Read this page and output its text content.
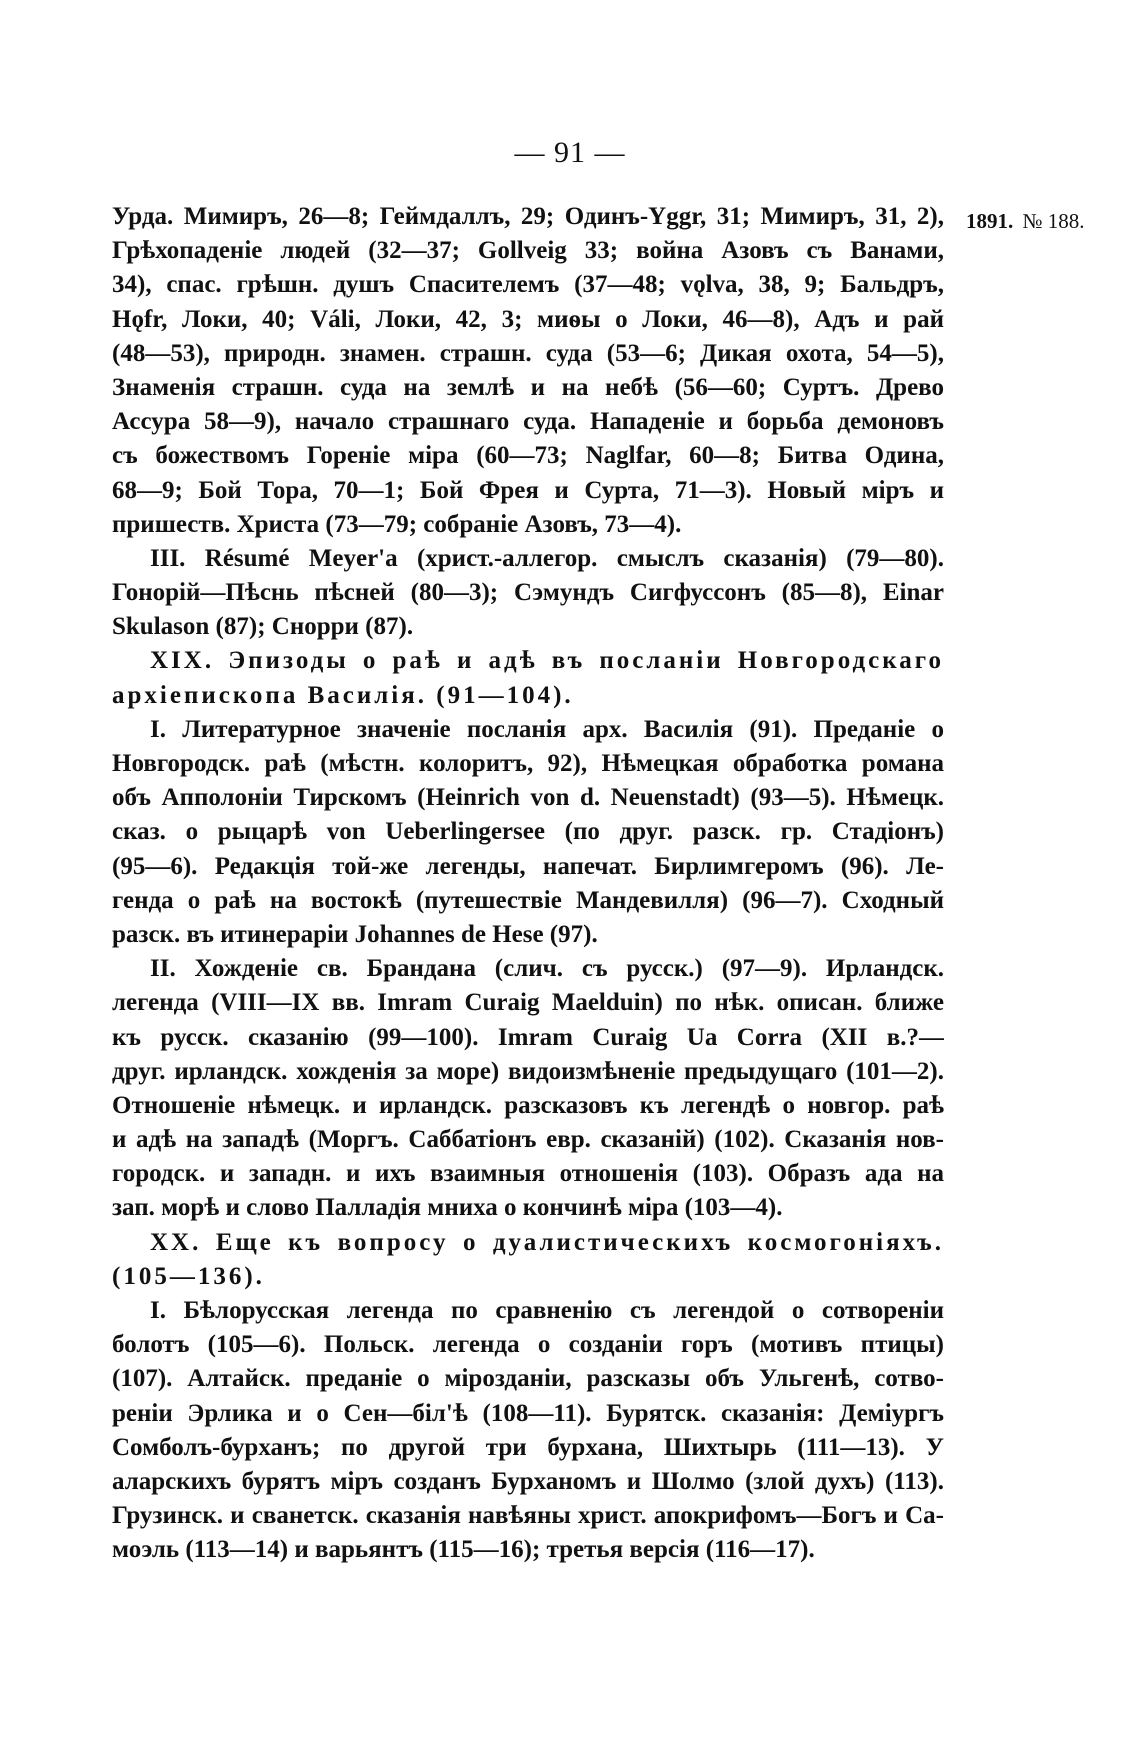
— 91 —
1891. № 188.
Урда. Мимиръ, 26—8; Геймдаллъ, 29; Одинъ-Yggr, 31; Мимиръ, 31, 2),
Грѣхопаденіе людей (32—37; Gollveig 33; война Азовъ съ Ванами,
34), спас. грѣшн. душъ Спасителемъ (37—48; vǫlva, 38, 9; Бальдръ,
Hǫfr, Локи, 40; Váli, Локи, 42, 3; миѳы о Локи, 46—8), Адъ и рай
(48—53), природн. знамен. страшн. суда (53—6; Дикая охота, 54—5),
Знаменія страшн. суда на землѣ и на небѣ (56—60; Суртъ. Древо
Ассура 58—9), начало страшнаго суда. Нападеніе и борьба демоновъ
съ божествомъ Гореніе міра (60—73; Naglfar, 60—8; Битва Одина,
68—9; Бой Тора, 70—1; Бой Фрея и Сурта, 71—3). Новый міръ и
пришеств. Христа (73—79; собраніе Азовъ, 73—4).
III. Résumé Meyer'a (христ.-аллегор. смыслъ сказанія) (79—80).
Гонорій—Пѣснь пѣсней (80—3); Сэмундъ Сигфуссонъ (85—8), Einar
Skulason (87); Снорри (87).
XIX. Эпизоды о раѣ и адѣ въ посланіи Новгородскаго
архіепископа Василія. (91—104).
I. Литературное значеніе посланія арх. Василія (91). Преданіе о
Новгородск. раѣ (мѣстн. колоритъ, 92), Нѣмецкая обработка романа
объ Апполоніи Тирскомъ (Heinrich von d. Neuenstadt) (93—5). Нѣмецк.
сказ. о рыцарѣ von Ueberlingersee (по друг. разск. гр. Стадіонъ)
(95—6). Редакція той-же легенды, напечат. Бирлимгеромъ (96). Ле-
генда о раѣ на востокѣ (путешествіе Мандевилля) (96—7). Сходный
разск. въ итинераріи Johannes de Hese (97).
II. Хожденіе св. Брандана (слич. съ русск.) (97—9). Ирландск.
легенда (VIII—IX вв. Imram Curaig Maelduin) по нѣк. описан. ближе
къ русск. сказанію (99—100). Imram Curaig Ua Corra (XII в.?—
друг. ирландск. хожденія за море) видоизмѣненіе предыдущаго (101—2).
Отношеніе нѣмецк. и ирландск. разсказовъ къ легендѣ о новгор. раѣ
и адѣ на западѣ (Моргъ. Саббатіонъ евр. сказаній) (102). Сказанія нов-
городск. и западн. и ихъ взаимныя отношенія (103). Образъ ада на
зап. морѣ и слово Палладія мниха о кончинѣ міра (103—4).
XX. Еще къ вопросу о дуалистическихъ космогоніяхъ.
(105—136).
I. Бѣлорусская легенда по сравненію съ легендой о сотвореніи
болотъ (105—6). Польск. легенда о созданіи горъ (мотивъ птицы)
(107). Алтайск. преданіе о мірозданіи, разсказы объ Ульгенѣ, сотво-
реніи Эрлика и о Сен—бiл'ѣ (108—11). Бурятск. сказанія: Деміургъ
Сомболъ-бурханъ; по другой три бурхана, Шихтырь (111—13). У
аларскихъ бурятъ міръ созданъ Бурханомъ и Шолмо (злой духъ) (113).
Грузинск. и сванетск. сказанія навѣяны христ. апокрифомъ—Богъ и Са-
моэль (113—14) и варьянтъ (115—16); третья версія (116—17).
